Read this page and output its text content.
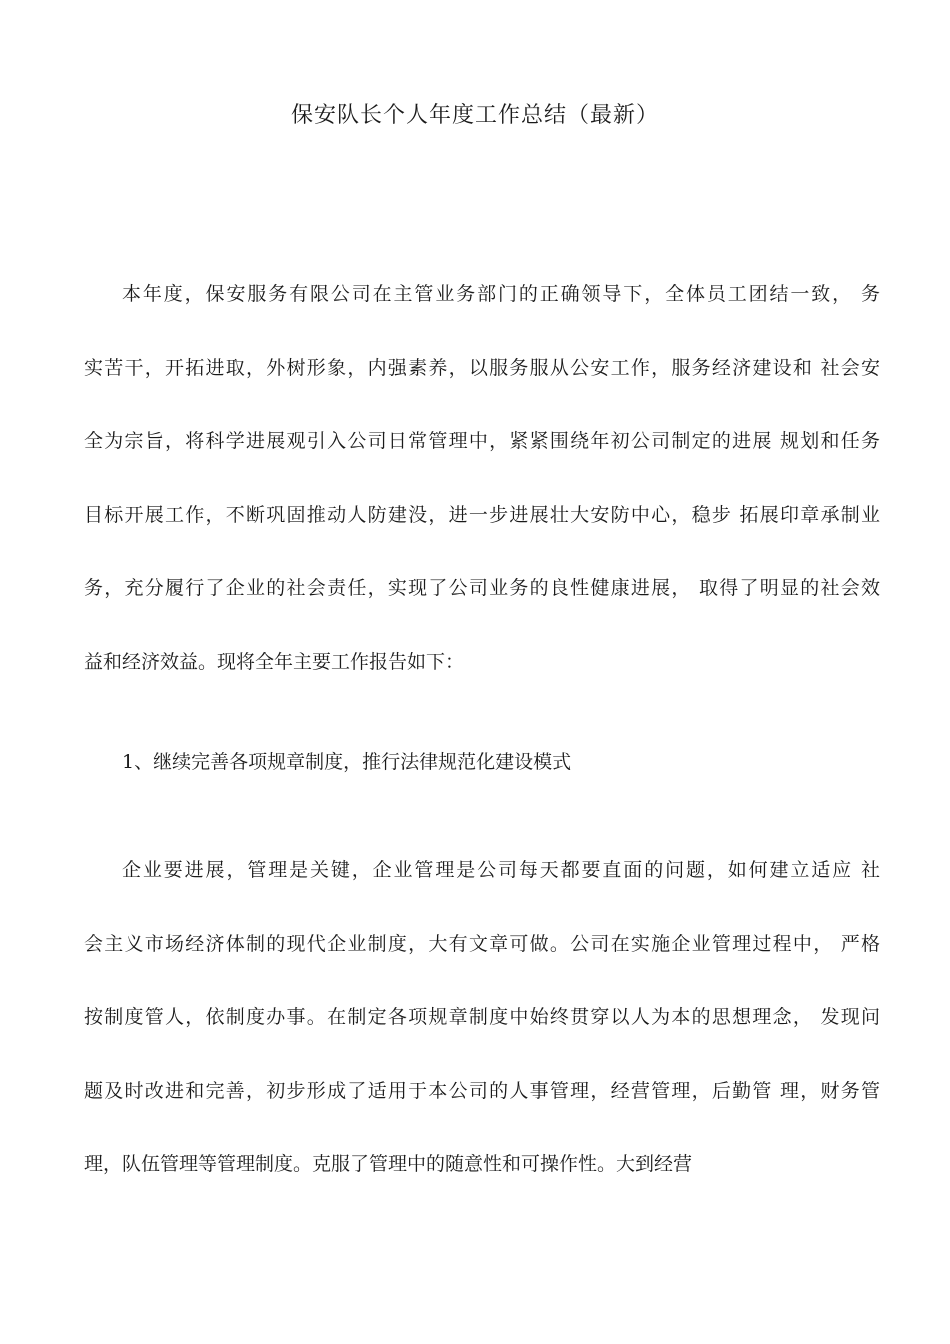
保安队长个人年度工作总结（最新）
本年度，保安服务有限公司在主管业务部门的正确领导下，全体员工团结一致， 务
实苦干，开拓进取，外树形象，内强素养，以服务服从公安工作，服务经济建设和 社会安
全为宗旨，将科学进展观引入公司日常管理中，紧紧围绕年初公司制定的进展 规划和任务
目标开展工作，不断巩固推动人防建没，进一步进展壮大安防中心，稳步 拓展印章承制业
务，充分履行了企业的社会责任，实现了公司业务的良性健康进展， 取得了明显的社会效
益和经济效益。现将全年主要工作报告如下：
1、继续完善各项规章制度，推行法律规范化建设模式
企业要进展，管理是关键，企业管理是公司每天都要直面的问题，如何建立适应 社
会主义市场经济体制的现代企业制度，大有文章可做。公司在实施企业管理过程中， 严格
按制度管人，依制度办事。在制定各项规章制度中始终贯穿以人为本的思想理念， 发现问
题及时改进和完善，初步形成了适用于本公司的人事管理，经营管理，后勤管 理，财务管
理，队伍管理等管理制度。克服了管理中的随意性和可操作性。大到经营
